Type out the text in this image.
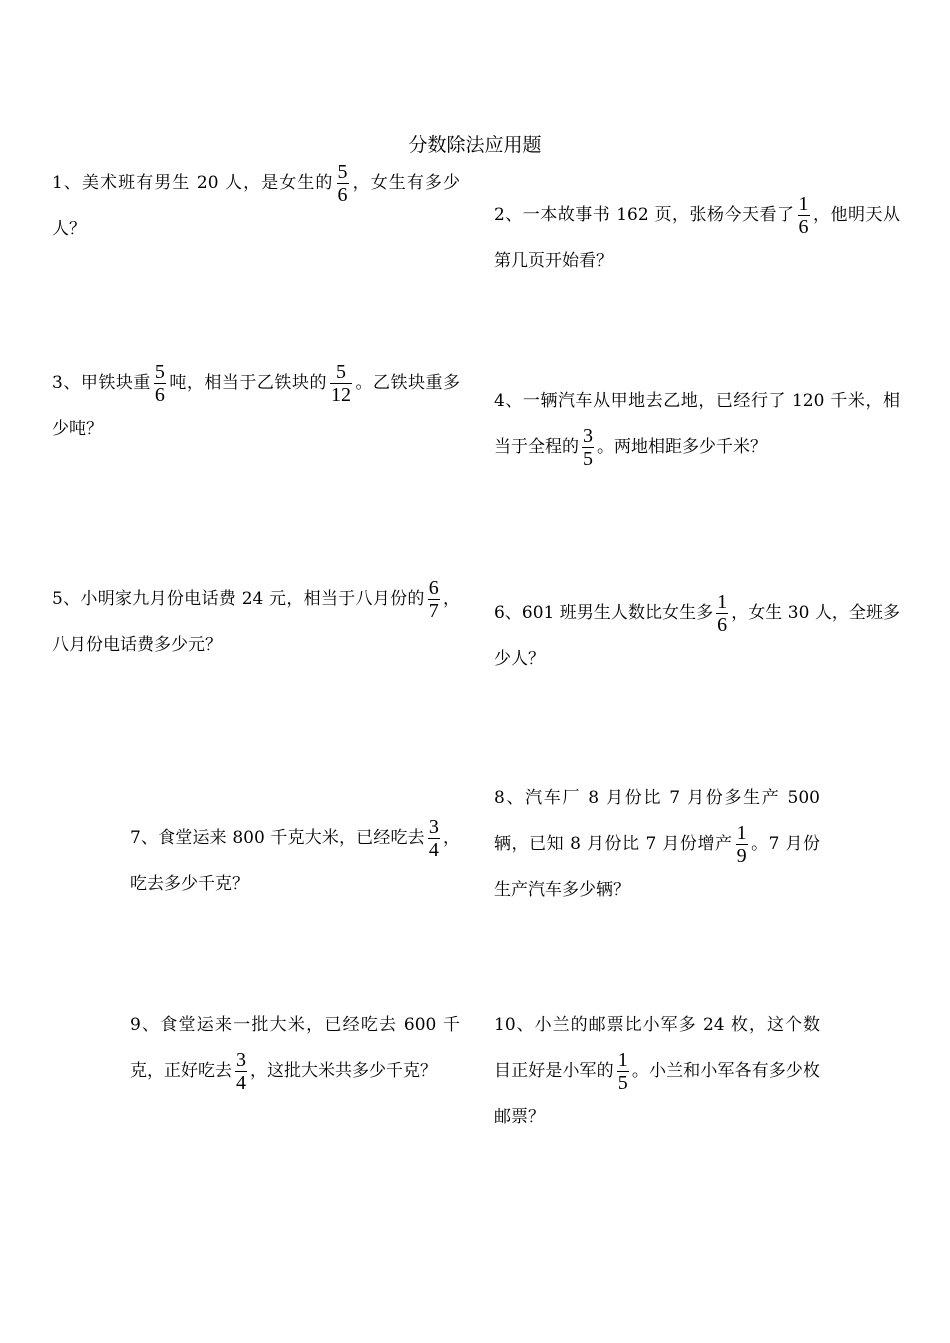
分数除法应用题

1、美术班有男生 20 人，是女生的 $\frac{5}{6}$ ，女生有多少人？

2、一本故事书 162 页，张杨今天看了 $\frac{1}{6}$ ，他明天从第几页开始看？

3、甲铁块重 $\frac{5}{6}$ 吨，相当于乙铁块的 $\frac{5}{12}$ 。乙铁块重多少吨？

4、一辆汽车从甲地去乙地，已经行了 120 千米，相当于全程的 $\frac{3}{5}$ 。两地相距多少千米？

5、小明家九月份电话费 24 元，相当于八月份的 $\frac{6}{7}$ ，八月份电话费多少元？

6、601 班男生人数比女生多 $\frac{1}{6}$ ，女生 30 人，全班多少人？

7、食堂运来 800 千克大米，已经吃去 $\frac{3}{4}$ ，吃去多少千克？

8、汽车厂 8 月份比 7 月份多生产 500 辆，已知 8 月份比 7 月份增产 $\frac{1}{9}$ 。7 月份生产汽车多少辆？

9、食堂运来一批大米，已经吃去 600 千克，正好吃去 $\frac{3}{4}$ ，这批大米共多少千克？

10、小兰的邮票比小军多 24 枚，这个数目正好是小军的 $\frac{1}{5}$ 。小兰和小军各有多少枚邮票？
